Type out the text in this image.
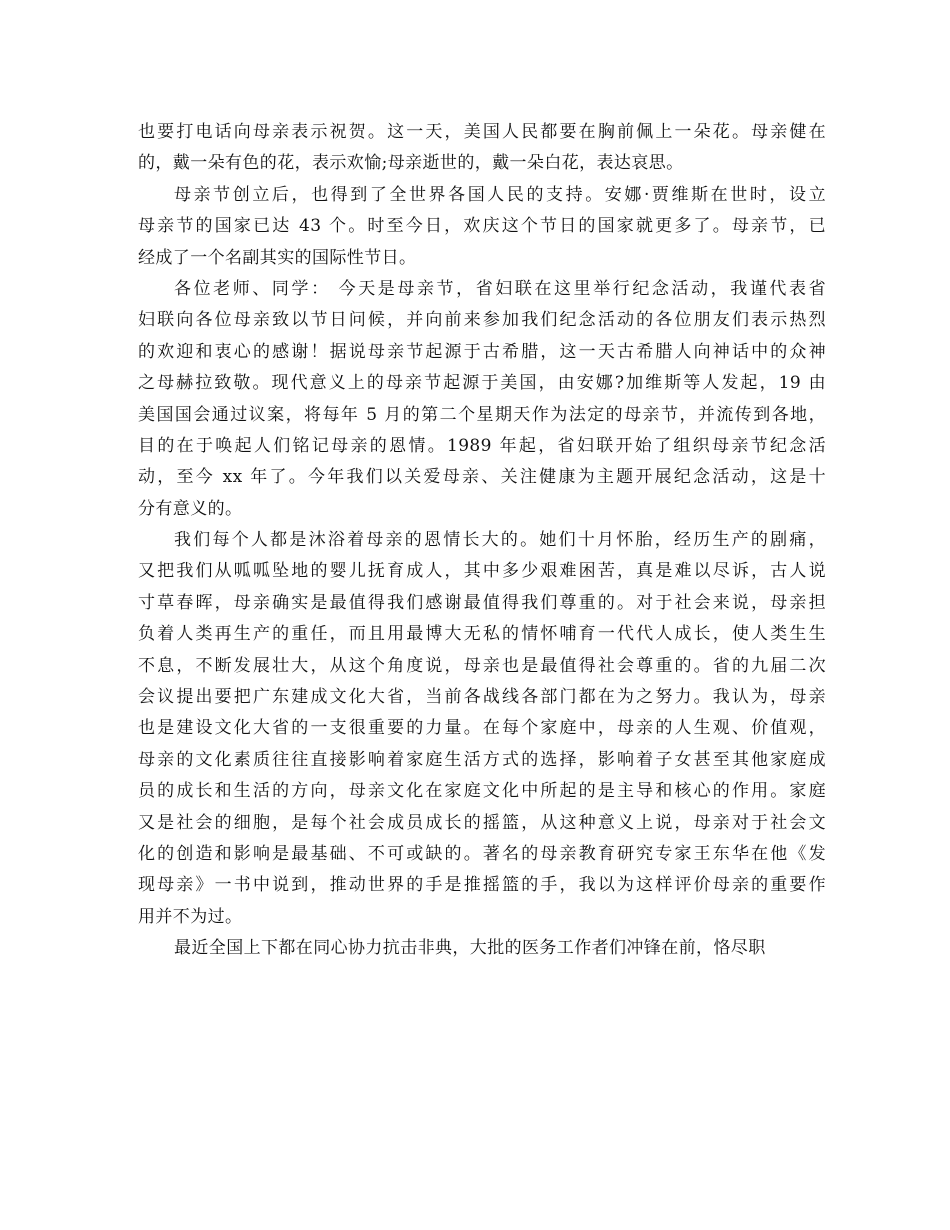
也要打电话向母亲表示祝贺。这一天，美国人民都要在胸前佩上一朵花。母亲健在
的，戴一朵有色的花，表示欢愉;母亲逝世的，戴一朵白花，表达哀思。
母亲节创立后，也得到了全世界各国人民的支持。安娜·贾维斯在世时，设立
母亲节的国家已达 43 个。时至今日，欢庆这个节日的国家就更多了。母亲节，已
经成了一个名副其实的国际性节日。
各位老师、同学： 今天是母亲节，省妇联在这里举行纪念活动，我谨代表省
妇联向各位母亲致以节日问候，并向前来参加我们纪念活动的各位朋友们表示热烈
的欢迎和衷心的感谢！据说母亲节起源于古希腊，这一天古希腊人向神话中的众神
之母赫拉致敬。现代意义上的母亲节起源于美国，由安娜?加维斯等人发起，19 由
美国国会通过议案，将每年 5 月的第二个星期天作为法定的母亲节，并流传到各地，
目的在于唤起人们铭记母亲的恩情。1989 年起，省妇联开始了组织母亲节纪念活
动，至今 xx 年了。今年我们以关爱母亲、关注健康为主题开展纪念活动，这是十
分有意义的。
我们每个人都是沐浴着母亲的恩情长大的。她们十月怀胎，经历生产的剧痛，
又把我们从呱呱坠地的婴儿抚育成人，其中多少艰难困苦，真是难以尽诉，古人说
寸草春晖，母亲确实是最值得我们感谢最值得我们尊重的。对于社会来说，母亲担
负着人类再生产的重任，而且用最博大无私的情怀哺育一代代人成长，使人类生生
不息，不断发展壮大，从这个角度说，母亲也是最值得社会尊重的。省的九届二次
会议提出要把广东建成文化大省，当前各战线各部门都在为之努力。我认为，母亲
也是建设文化大省的一支很重要的力量。在每个家庭中，母亲的人生观、价值观，
母亲的文化素质往往直接影响着家庭生活方式的选择，影响着子女甚至其他家庭成
员的成长和生活的方向，母亲文化在家庭文化中所起的是主导和核心的作用。家庭
又是社会的细胞，是每个社会成员成长的摇篮，从这种意义上说，母亲对于社会文
化的创造和影响是最基础、不可或缺的。著名的母亲教育研究专家王东华在他《发
现母亲》一书中说到，推动世界的手是推摇篮的手，我以为这样评价母亲的重要作
用并不为过。
最近全国上下都在同心协力抗击非典，大批的医务工作者们冲锋在前，恪尽职
